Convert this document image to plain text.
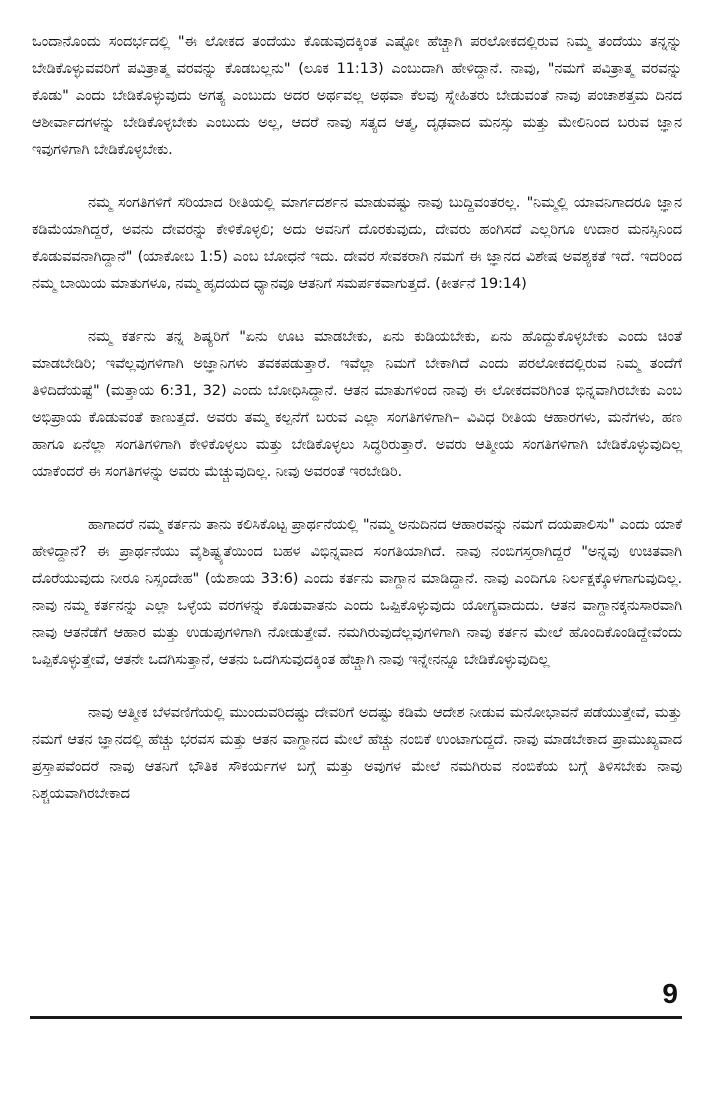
ಒಂದಾನೊಂದು ಸಂದರ್ಭದಲ್ಲಿ "ಈ ಲೋಕದ ತಂದೆಯು ಕೊಡುವುದಕ್ಕಿಂತ ಎಷ್ಟೋ ಹೆಚ್ಚಾಗಿ ಪರಲೋಕದಲ್ಲಿರುವ ನಿಮ್ಮ ತಂದೆಯು ತನ್ನನ್ನು ಬೇಡಿಕೊಳ್ಳುವವರಿಗೆ ಪವಿತ್ರಾತ್ಮ ವರವನ್ನು ಕೊಡಬಲ್ಲನು" (ಲೂಕ 11:13) ಎಂಬುದಾಗಿ ಹೇಳಿದ್ದಾನೆ. ನಾವು, "ನಮಗೆ ಪವಿತ್ರಾತ್ಮ ವರವನ್ನು ಕೊಡು" ಎಂದು ಬೇಡಿಕೊಳ್ಳುವುದು ಅಗತ್ಯ ಎಂಬುದು ಅದರ ಅರ್ಥವಲ್ಲ ಅಥವಾ ಕೆಲವು ಸ್ನೇಹಿತರು ಬೇಡುವಂತೆ ನಾವು ಪಂಚಾಶತ್ತಮ ದಿನದ ಆಶೀರ್ವಾದಗಳನ್ನು ಬೇಡಿಕೊಳ್ಳಬೇಕು ಎಂಬುದು ಅಲ್ಲ, ಆದರೆ ನಾವು ಸತ್ಯದ ಆತ್ಮ, ದೃಢವಾದ ಮನಸ್ಸು ಮತ್ತು ಮೇಲಿನಿಂದ ಬರುವ ಜ್ಞಾನ ಇವುಗಳಿಗಾಗಿ ಬೇಡಿಕೊಳ್ಳಬೇಕು.

ನಮ್ಮ ಸಂಗತಿಗಳಿಗೆ ಸರಿಯಾದ ರೀತಿಯಲ್ಲಿ ಮಾರ್ಗದರ್ಶನ ಮಾಡುವಷ್ಟು ನಾವು ಬುದ್ದಿವಂತರಲ್ಲ. "ನಿಮ್ಮಲ್ಲಿ ಯಾವನಿಗಾದರೂ ಜ್ಞಾನ ಕಡಿಮೆಯಾಗಿದ್ದರೆ, ಅವನು ದೇವರನ್ನು ಕೇಳಿಕೊಳ್ಳಲಿ; ಅದು ಅವನಿಗೆ ದೊರಕುವುದು, ದೇವರು ಹಂಗಿಸದೆ ಎಲ್ಲರಿಗೂ ಉದಾರ ಮನಸ್ಸಿನಿಂದ ಕೊಡುವವನಾಗಿದ್ದಾನೆ" (ಯಾಕೋಬ 1:5) ಎಂಬ ಬೋಧನೆ ಇದು. ದೇವರ ಸೇವಕರಾಗಿ ನಮಗೆ ಈ ಜ್ಞಾನದ ವಿಶೇಷ ಅವಶ್ಯಕತೆ ಇದೆ. ಇದರಿಂದ ನಮ್ಮ ಬಾಯಿಯ ಮಾತುಗಳೂ, ನಮ್ಮ ಹೃದಯದ ಧ್ಯಾನವೂ ಆತನಿಗೆ ಸಮರ್ಪಕವಾಗುತ್ತದೆ. (ಕೀರ್ತನೆ 19:14)

ನಮ್ಮ ಕರ್ತನು ತನ್ನ ಶಿಷ್ಯರಿಗೆ "ಏನು ಊಟ ಮಾಡಬೇಕು, ಏನು ಕುಡಿಯಬೇಕು, ಏನು ಹೊದ್ದುಕೊಳ್ಳಬೇಕು ಎಂದು ಚಿಂತೆ ಮಾಡಬೇಡಿರಿ; ಇವೆಲ್ಲವುಗಳಿಗಾಗಿ ಅಜ್ಞಾನಿಗಳು ತವಕಪಡುತ್ತಾರೆ. ಇವೆಲ್ಲಾ ನಿಮಗೆ ಬೇಕಾಗಿದೆ ಎಂದು ಪರಲೋಕದಲ್ಲಿರುವ ನಿಮ್ಮ ತಂದೆಗೆ ತಿಳಿದಿದೆಯಷ್ಟೆ" (ಮತ್ತಾಯ 6:31, 32) ಎಂದು ಬೋಧಿಸಿದ್ದಾನೆ. ಆತನ ಮಾತುಗಳಿಂದ ನಾವು ಈ ಲೋಕದವರಿಗಿಂತ ಭಿನ್ನವಾಗಿರಬೇಕು ಎಂಬ ಅಭಿಪ್ರಾಯ ಕೊಡುವಂತೆ ಕಾಣುತ್ತದೆ. ಅವರು ತಮ್ಮ ಕಲ್ಪನೆಗೆ ಬರುವ ಎಲ್ಲಾ ಸಂಗತಿಗಳಿಗಾಗಿ– ವಿವಿಧ ರೀತಿಯ ಆಹಾರಗಳು, ಮನೆಗಳು, ಹಣ ಹಾಗೂ ಏನೆಲ್ಲಾ ಸಂಗತಿಗಳಿಗಾಗಿ ಕೇಳಿಕೊಳ್ಳಲು ಮತ್ತು ಬೇಡಿಕೊಳ್ಳಲು ಸಿದ್ಧರಿರುತ್ತಾರೆ. ಅವರು ಆತ್ಮೀಯ ಸಂಗತಿಗಳಿಗಾಗಿ ಬೇಡಿಕೊಳ್ಳುವುದಿಲ್ಲ ಯಾಕೆಂದರೆ ಈ ಸಂಗತಿಗಳನ್ನು ಅವರು ಮೆಚ್ಚುವುದಿಲ್ಲ. ನೀವು ಅವರಂತೆ ಇರಬೇಡಿರಿ.

ಹಾಗಾದರೆ ನಮ್ಮ ಕರ್ತನು ತಾನು ಕಲಿಸಿಕೊಟ್ಟ ಪ್ರಾರ್ಥನೆಯಲ್ಲಿ "ನಮ್ಮ ಅನುದಿನದ ಆಹಾರವನ್ನು ನಮಗೆ ದಯಪಾಲಿಸು" ಎಂದು ಯಾಕೆ ಹೇಳಿದ್ದಾನೆ? ಈ ಪ್ರಾರ್ಥನೆಯು ವೈಶಿಷ್ಟ್ಯತೆಯಿಂದ ಬಹಳ ವಿಭಿನ್ನವಾದ ಸಂಗತಿಯಾಗಿದೆ. ನಾವು ನಂಬಿಗಸ್ತರಾಗಿದ್ದರೆ "ಅನ್ನವು ಉಚಿತವಾಗಿ ದೊರೆಯುವುದು ನೀರೂ ನಿಸ್ಸಂದೇಹ" (ಯೆಶಾಯ 33:6) ಎಂದು ಕರ್ತನು ವಾಗ್ದಾನ ಮಾಡಿದ್ದಾನೆ. ನಾವು ಎಂದಿಗೂ ನಿರ್ಲಕ್ಷಕ್ಕೊಳಗಾಗುವುದಿಲ್ಲ. ನಾವು ನಮ್ಮ ಕರ್ತನನ್ನು ಎಲ್ಲಾ ಒಳ್ಳೆಯ ವರಗಳನ್ನು ಕೊಡುವಾತನು ಎಂದು ಒಪ್ಪಿಕೊಳ್ಳುವುದು ಯೋಗ್ಯವಾದುದು. ಆತನ ವಾಗ್ದಾನಕ್ಕನುಸಾರವಾಗಿ ನಾವು ಆತನೆಡೆಗೆ ಆಹಾರ ಮತ್ತು ಉಡುಪುಗಳಿಗಾಗಿ ನೋಡುತ್ತೇವೆ. ನಮಗಿರುವುದೆಲ್ಲವುಗಳಿಗಾಗಿ ನಾವು ಕರ್ತನ ಮೇಲೆ ಹೊಂದಿಕೊಂಡಿದ್ದೇವೆಂದು ಒಪ್ಪಿಕೊಳ್ಳುತ್ತೇವೆ, ಆತನೇ ಒದಗಿಸುತ್ತಾನೆ, ಆತನು ಒದಗಿಸುವುದಕ್ಕಿಂತ ಹೆಚ್ಚಾಗಿ ನಾವು ಇನ್ನೇನನ್ನೂ ಬೇಡಿಕೊಳ್ಳುವುದಿಲ್ಲ

ನಾವು ಆತ್ಮೀಕ ಬೆಳವಣಿಗೆಯಲ್ಲಿ ಮುಂದುವರಿದಷ್ಟು ದೇವರಿಗೆ ಅದಷ್ಟು ಕಡಿಮೆ ಆದೇಶ ನೀಡುವ ಮನೋಭಾವನೆ ಪಡೆಯುತ್ತೇವೆ, ಮತ್ತು ನಮಗೆ ಆತನ ಜ್ಞಾನದಲ್ಲಿ ಹೆಚ್ಚು ಭರವಸ ಮತ್ತು ಆತನ ವಾಗ್ದಾನದ ಮೇಲೆ ಹೆಚ್ಚು ನಂಬಿಕೆ ಉಂಟಾಗುದ್ದದೆ. ನಾವು ಮಾಡಬೇಕಾದ ಪ್ರಾಮುಖ್ಯವಾದ ಪ್ರಸ್ತಾಪವೆಂದರೆ ನಾವು ಆತನಿಗೆ ಭೌತಿಕ ಸೌಕರ್ಯಗಳ ಬಗ್ಗೆ ಮತ್ತು ಅವುಗಳ ಮೇಲೆ ನಮಗಿರುವ ನಂಬಿಕೆಯ ಬಗ್ಗೆ ತಿಳಿಸಬೇಕು ನಾವು ನಿಶ್ಚಯವಾಗಿರಬೇಕಾದ

9
